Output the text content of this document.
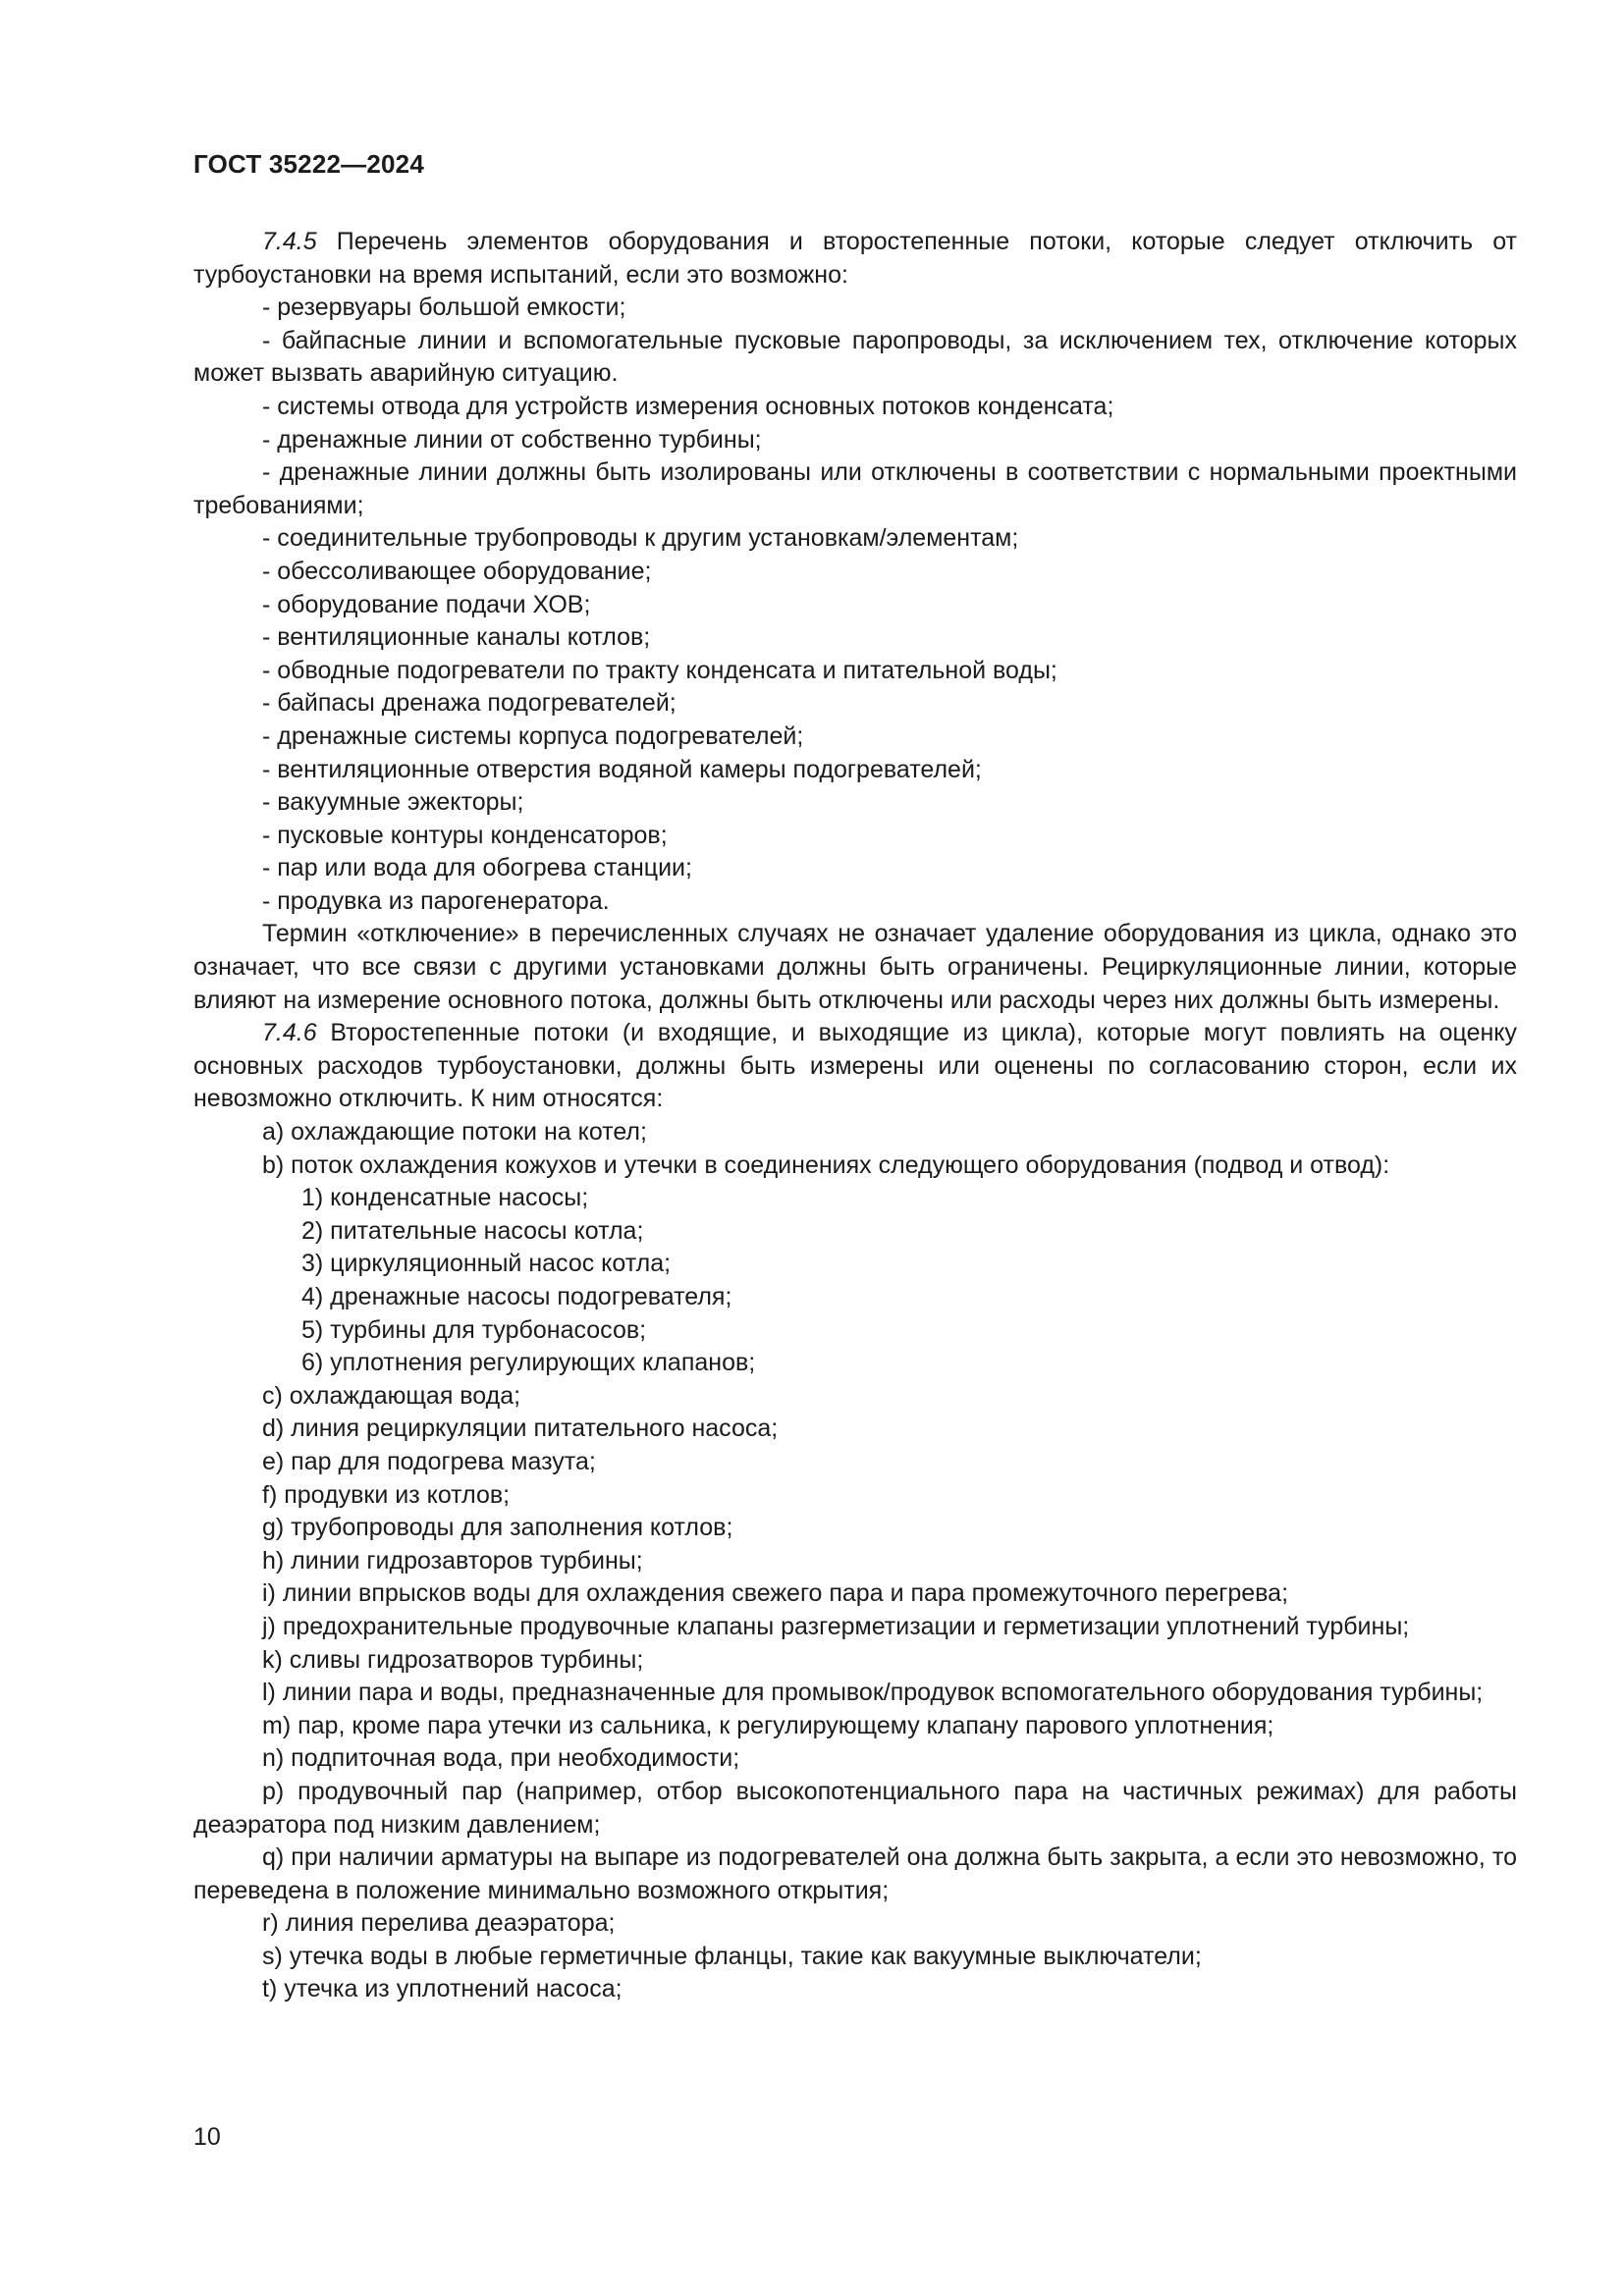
ГОСТ 35222—2024

7.4.5 Перечень элементов оборудования и второстепенные потоки, которые следует отключить от турбоустановки на время испытаний, если это возможно:

- резервуары большой емкости;

- байпасные линии и вспомогательные пусковые паропроводы, за исключением тех, отключение которых может вызвать аварийную ситуацию.

- системы отвода для устройств измерения основных потоков конденсата;

- дренажные линии от собственно турбины;

- дренажные линии должны быть изолированы или отключены в соответствии с нормальными проектными требованиями;

- соединительные трубопроводы к другим установкам/элементам;

- обессоливающее оборудование;

- оборудование подачи ХОВ;

- вентиляционные каналы котлов;

- обводные подогреватели по тракту конденсата и питательной воды;

- байпасы дренажа подогревателей;

- дренажные системы корпуса подогревателей;

- вентиляционные отверстия водяной камеры подогревателей;

- вакуумные эжекторы;

- пусковые контуры конденсаторов;

- пар или вода для обогрева станции;

- продувка из парогенератора.

Термин «отключение» в перечисленных случаях не означает удаление оборудования из цикла, однако это означает, что все связи с другими установками должны быть ограничены. Рециркуляционные линии, которые влияют на измерение основного потока, должны быть отключены или расходы через них должны быть измерены.

7.4.6 Второстепенные потоки (и входящие, и выходящие из цикла), которые могут повлиять на оценку основных расходов турбоустановки, должны быть измерены или оценены по согласованию сторон, если их невозможно отключить. К ним относятся:

a) охлаждающие потоки на котел;

b) поток охлаждения кожухов и утечки в соединениях следующего оборудования (подвод и отвод):

1) конденсатные насосы;

2) питательные насосы котла;

3) циркуляционный насос котла;

4) дренажные насосы подогревателя;

5) турбины для турбонасосов;

6) уплотнения регулирующих клапанов;

c) охлаждающая вода;

d) линия рециркуляции питательного насоса;

e) пар для подогрева мазута;

f) продувки из котлов;

g) трубопроводы для заполнения котлов;

h) линии гидрозавторов турбины;

i) линии впрысков воды для охлаждения свежего пара и пара промежуточного перегрева;

j) предохранительные продувочные клапаны разгерметизации и герметизации уплотнений турбины;

k) сливы гидрозатворов турбины;

l) линии пара и воды, предназначенные для промывок/продувок вспомогательного оборудования турбины;

m) пар, кроме пара утечки из сальника, к регулирующему клапану парового уплотнения;

n) подпиточная вода, при необходимости;

p) продувочный пар (например, отбор высокопотенциального пара на частичных режимах) для работы деаэратора под низким давлением;

q) при наличии арматуры на выпаре из подогревателей она должна быть закрыта, а если это невозможно, то переведена в положение минимально возможного открытия;

r) линия перелива деаэратора;

s) утечка воды в любые герметичные фланцы, такие как вакуумные выключатели;

t) утечка из уплотнений насоса;

10
